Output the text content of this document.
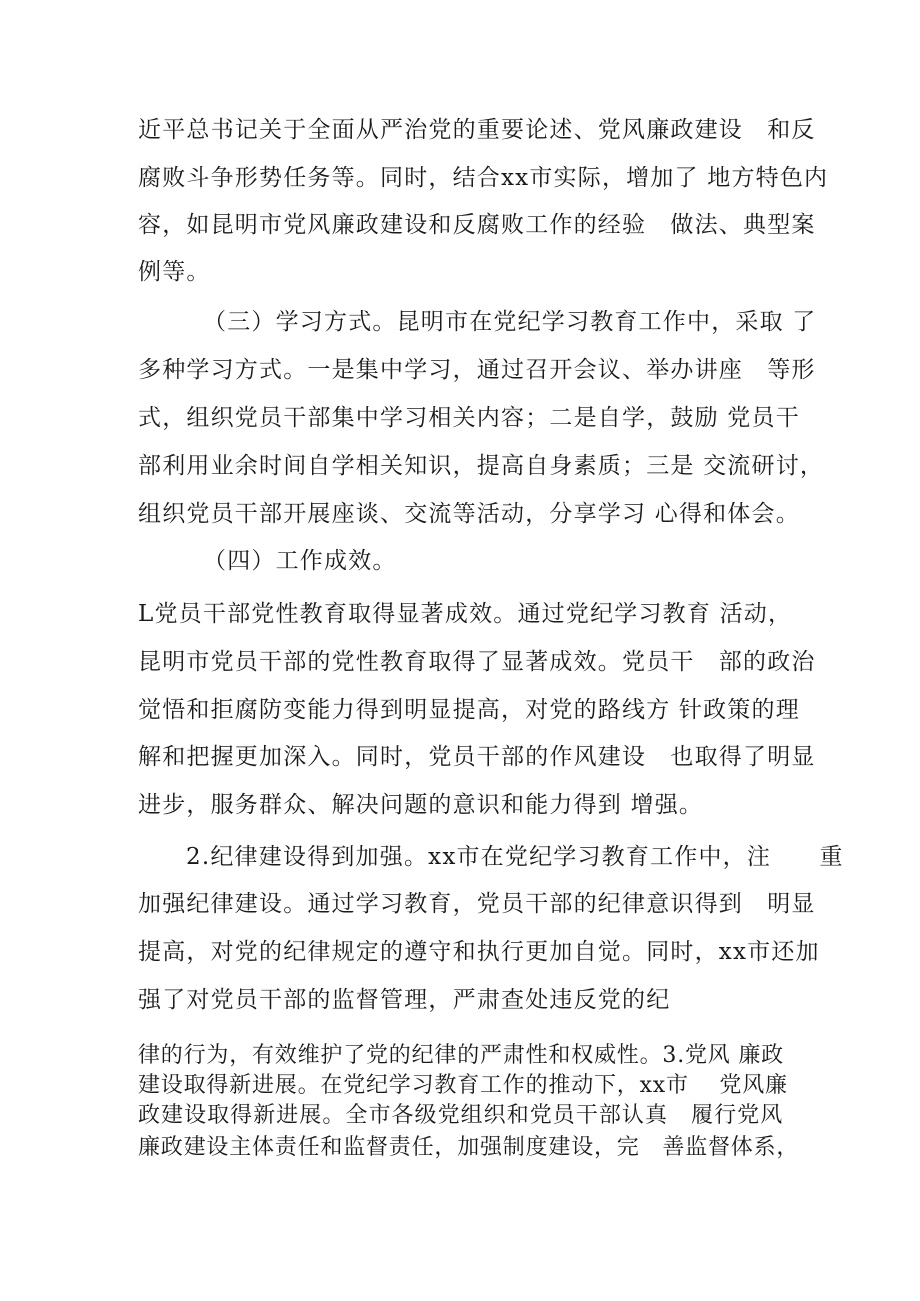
近平总书记关于全面从严治党的重要论述、党风廉政建设　和反
腐败斗争形势任务等。同时，结合xx市实际，增加了 地方特色内
容，如昆明市党风廉政建设和反腐败工作的经验　做法、典型案
例等。
（三）学习方式。昆明市在党纪学习教育工作中，采取 了
多种学习方式。一是集中学习，通过召开会议、举办讲座　等形
式，组织党员干部集中学习相关内容；二是自学，鼓励 党员干
部利用业余时间自学相关知识，提高自身素质；三是 交流研讨，
组织党员干部开展座谈、交流等活动，分享学习 心得和体会。
（四）工作成效。
L党员干部党性教育取得显著成效。通过党纪学习教育 活动，
昆明市党员干部的党性教育取得了显著成效。党员干　部的政治
觉悟和拒腐防变能力得到明显提高，对党的路线方 针政策的理
解和把握更加深入。同时，党员干部的作风建设　也取得了明显
进步，服务群众、解决问题的意识和能力得到 增强。
2.纪律建设得到加强。xx市在党纪学习教育工作中，注　　重
加强纪律建设。通过学习教育，党员干部的纪律意识得到　明显
提高，对党的纪律规定的遵守和执行更加自觉。同时，xx市还加
强了对党员干部的监督管理，严肃查处违反党的纪
律的行为，有效维护了党的纪律的严肃性和权威性。3.党风 廉政
建设取得新进展。在党纪学习教育工作的推动下，xx市　 党风廉
政建设取得新进展。全市各级党组织和党员干部认真　履行党风
廉政建设主体责任和监督责任，加强制度建设，完　善监督体系，
